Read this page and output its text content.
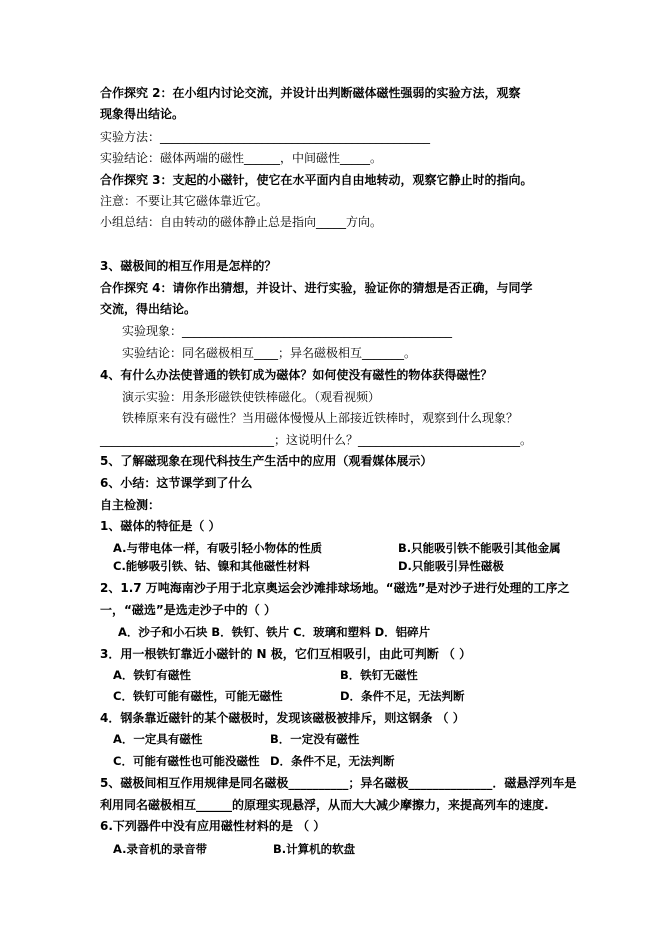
合作探究 2：在小组内讨论交流，并设计出判断磁体磁性强弱的实验方法，观察
现象得出结论。
实验方法：_____________________________________________
实验结论：磁体两端的磁性______，中间磁性_____。
合作探究 3：支起的小磁针，使它在水平面内自由地转动，观察它静止时的指向。
注意：不要让其它磁体靠近它。
小组总结：自由转动的磁体静止总是指向_____方向。
3、磁极间的相互作用是怎样的？
合作探究 4：请你作出猜想，并设计、进行实验，验证你的猜想是否正确，与同学
交流，得出结论。
实验现象：_____________________________________________
实验结论：同名磁极相互____；异名磁极相互_______。
4、有什么办法使普通的铁钉成为磁体？如何使没有磁性的物体获得磁性？
演示实验：用条形磁铁使铁棒磁化。（观看视频）
铁棒原来有没有磁性？当用磁体慢慢从上部接近铁棒时，观察到什么现象？
_____________________________；这说明什么？___________________________。
5、了解磁现象在现代科技生产生活中的应用（观看媒体展示）
6、小结：这节课学到了什么
自主检测：
1、磁体的特征是（ ）
A.与带电体一样，有吸引轻小物体的性质	B.只能吸引铁不能吸引其他金属
C.能够吸引铁、钴、镍和其他磁性材料	D.只能吸引异性磁极
2、1.7 万吨海南沙子用于北京奥运会沙滩排球场地。“磁选”是对沙子进行处理的工序之
一，“磁选”是选走沙子中的（ ）
A．沙子和小石块 B．铁钉、铁片 C．玻璃和塑料 D．铝碎片
3．用一根铁钉靠近小磁针的 N 极，它们互相吸引，由此可判断 （ ）
A．铁钉有磁性	B．铁钉无磁性
C．铁钉可能有磁性，可能无磁性	D．条件不足，无法判断
4．钢条靠近磁针的某个磁极时，发现该磁极被排斥，则这钢条 （ ）
A．一定具有磁性	B．一定没有磁性
C．可能有磁性也可能没磁性 D．条件不足，无法判断
5、磁极间相互作用规律是同名磁极__________；异名磁极______________．磁悬浮列车是
利用同名磁极相互______的原理实现悬浮，从而大大减少摩擦力，来提高列车的速度.
6.下列器件中没有应用磁性材料的是 （ ）
A.录音机的录音带	B.计算机的软盘
